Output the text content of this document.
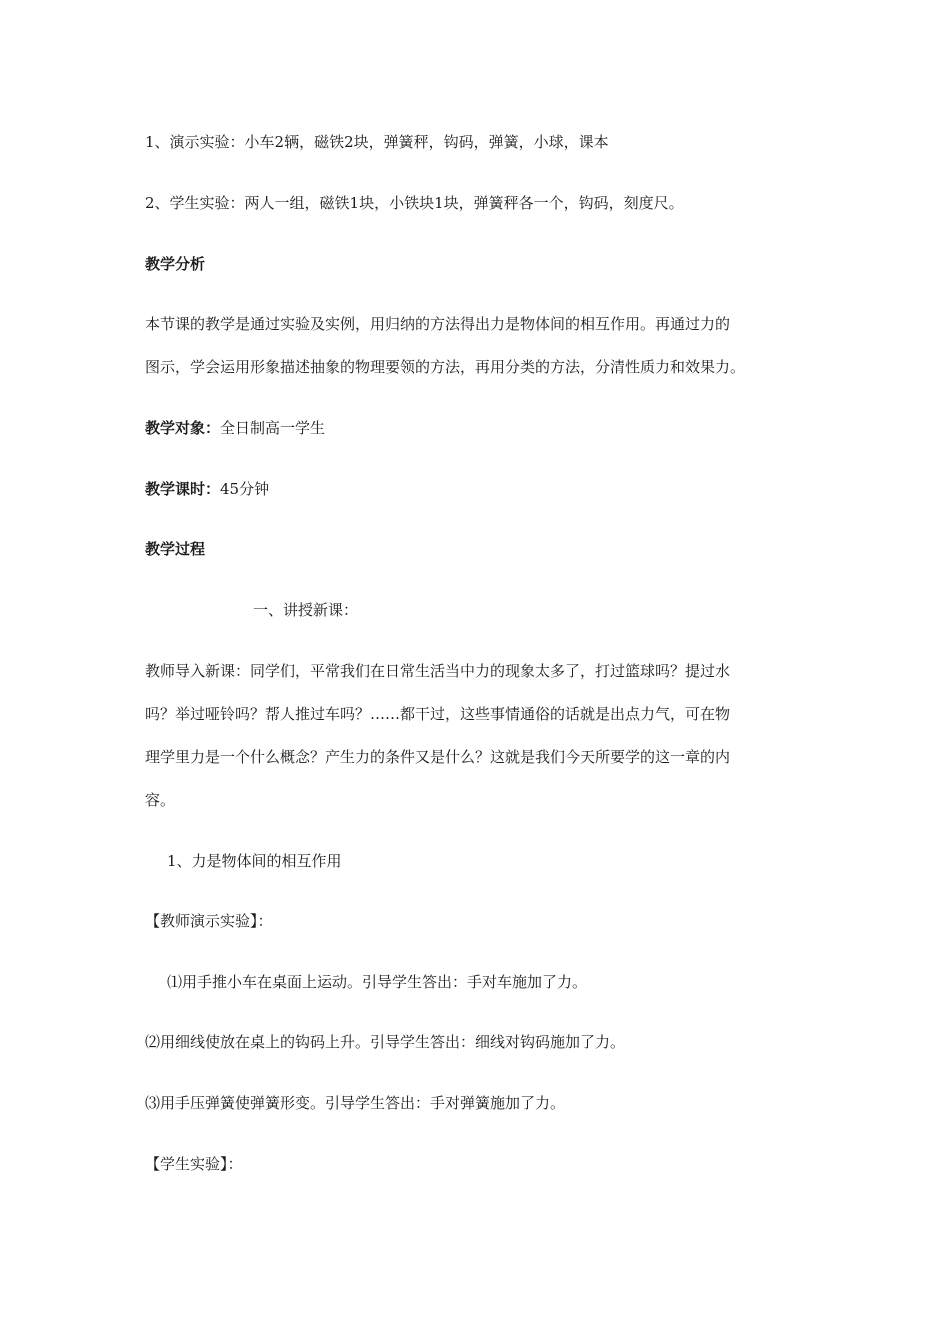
1、演示实验：小车2辆，磁铁2块，弹簧秤，钩码，弹簧，小球，课本
2、学生实验：两人一组，磁铁1块，小铁块1块，弹簧秤各一个，钩码，刻度尺。
教学分析
本节课的教学是通过实验及实例，用归纳的方法得出力是物体间的相互作用。再通过力的
图示，学会运用形象描述抽象的物理要领的方法，再用分类的方法，分清性质力和效果力。
教学对象：全日制高一学生
教学课时：45分钟
教学过程
一、讲授新课：
教师导入新课：同学们，平常我们在日常生活当中力的现象太多了，打过篮球吗？提过水
吗？举过哑铃吗？帮人推过车吗？……都干过，这些事情通俗的话就是出点力气，可在物
理学里力是一个什么概念？产生力的条件又是什么？这就是我们今天所要学的这一章的内
容。
1、力是物体间的相互作用
【教师演示实验】：
⑴用手推小车在桌面上运动。引导学生答出：手对车施加了力。
⑵用细线使放在桌上的钩码上升。引导学生答出：细线对钩码施加了力。
⑶用手压弹簧使弹簧形变。引导学生答出：手对弹簧施加了力。
【学生实验】：
